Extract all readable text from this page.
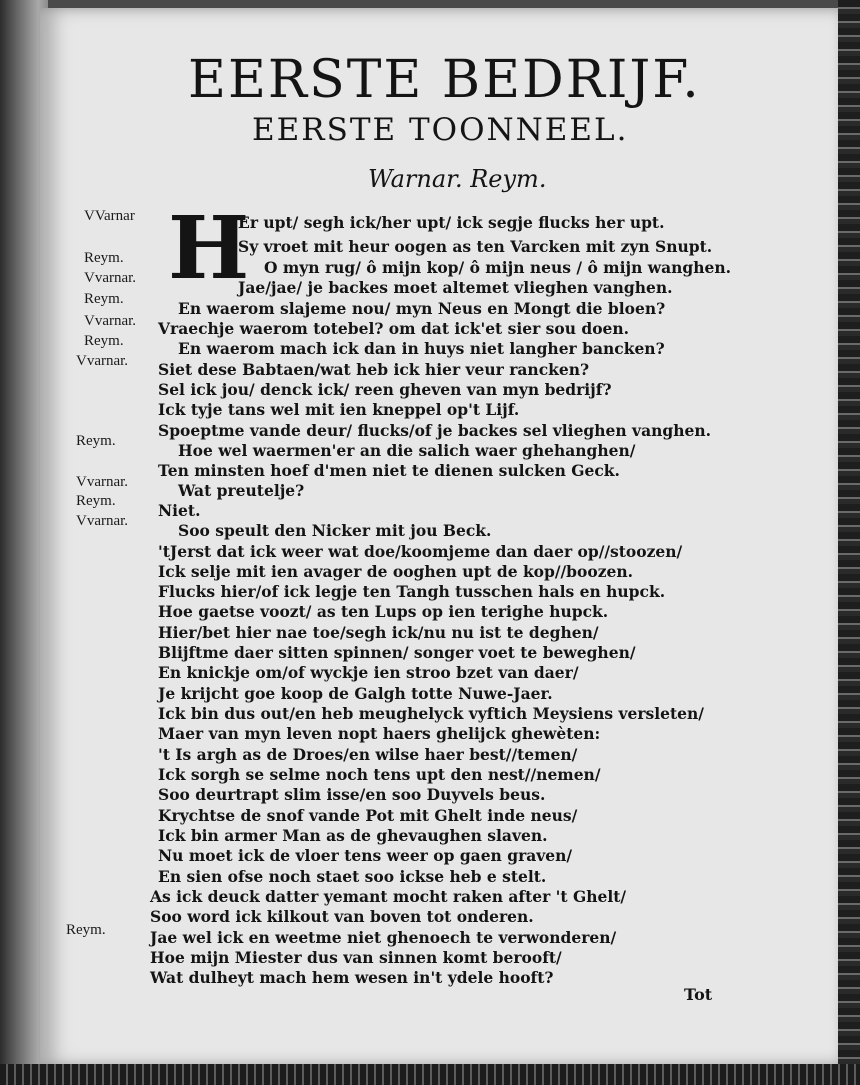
EERSTE BEDRIJF.
EERSTE TOONNEEL.
Warnar. Reym.
H
VVarnar
Reym.
Vvarnar.
Reym.
Vvarnar.
Reym.
Vvarnar.
Reym.
Vvarnar.
Reym.
Vvarnar.
Reym.
Er upt/ segh ick/her upt/ ick segje flucks her upt.
Sy vroet mit heur oogen as ten Varcken mit zyn Snupt.
O myn rug/ ô mijn kop/ ô mijn neus / ô mijn wanghen.
Jae/jae/ je backes moet altemet vlieghen vanghen.
En waerom slajeme nou/ myn Neus en Mongt die bloen?
Vraechje waerom totebel? om dat ick'et sier sou doen.
En waerom mach ick dan in huys niet langher bancken?
Siet dese Babtaen/wat heb ick hier veur rancken?
Sel ick jou/ denck ick/ reen gheven van myn bedrijf?
Ick tyje tans wel mit ien kneppel op't Lijf.
Spoeptme vande deur/ flucks/of je backes sel vlieghen vanghen.
Hoe wel waermen'er an die salich waer ghehanghen/
Ten minsten hoef d'men niet te dienen sulcken Geck.
Wat preutelje?
Niet.
Soo speult den Nicker mit jou Beck.
'tJerst dat ick weer wat doe/koomjeme dan daer op//stoozen/
Ick selje mit ien avager de ooghen upt de kop//boozen.
Flucks hier/of ick legje ten Tangh tusschen hals en hupck.
Hoe gaetse voozt/ as ten Lups op ien terighe hupck.
Hier/bet hier nae toe/segh ick/nu nu ist te deghen/
Blijftme daer sitten spinnen/ songer voet te beweghen/
En knickje om/of wyckje ien stroo bzet van daer/
Je krijcht goe koop de Galgh totte Nuwe-Jaer.
Ick bin dus out/en heb meughelyck vyftich Meysiens versleten/
Maer van myn leven nopt haers ghelijck ghewèten:
't Is argh as de Droes/en wilse haer best//temen/
Ick sorgh se selme noch tens upt den nest//nemen/
Soo deurtrapt slim isse/en soo Duyvels beus.
Krychtse de snof vande Pot mit Ghelt inde neus/
Ick bin armer Man as de ghevaughen slaven.
Nu moet ick de vloer tens weer op gaen graven/
En sien ofse noch staet soo ickse heb e stelt.
As ick deuck datter yemant mocht raken after 't Ghelt/
Soo word ick kilkout van boven tot onderen.
Jae wel ick en weetme niet ghenoech te verwonderen/
Hoe mijn Miester dus van sinnen komt berooft/
Wat dulheyt mach hem wesen in't ydele hooft?
Tot
